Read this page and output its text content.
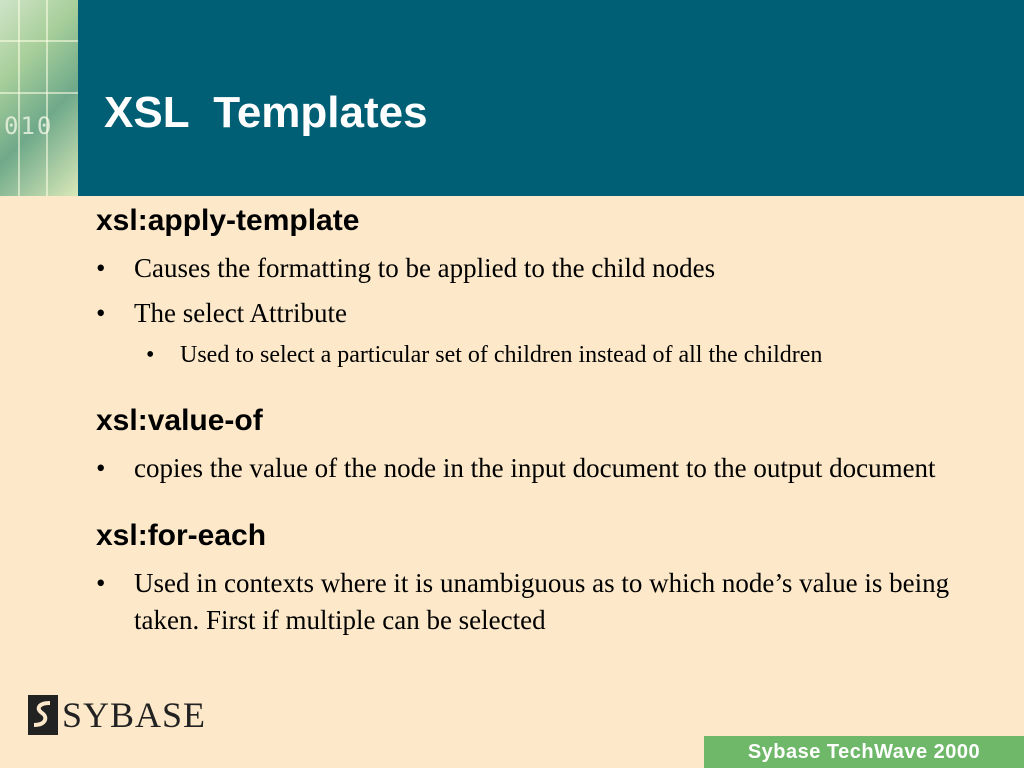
010 XSL  Templates
xsl:apply-template
• Causes the formatting to be applied to the child nodes
• The select Attribute
• Used to select a particular set of children instead of all the children
xsl:value-of
• copies the value of the node in the input document to the output document
xsl:for-each
• Used in contexts where it is unambiguous as to which node’s value is being taken. First if multiple can be selected
SYBASE
Sybase TechWave 2000
